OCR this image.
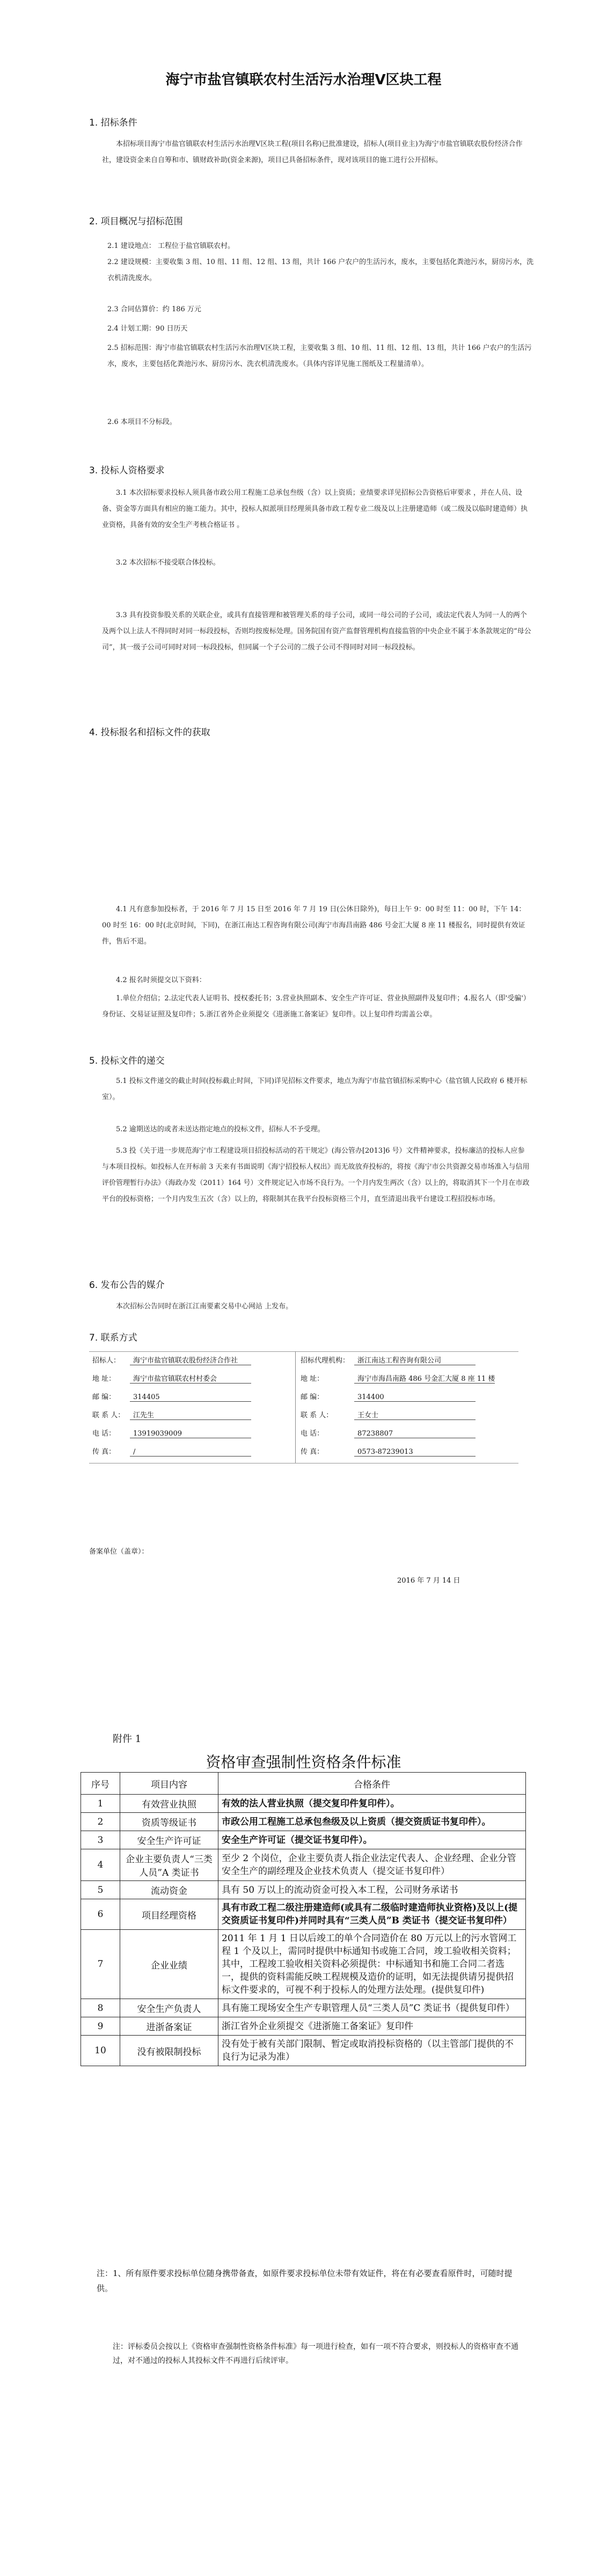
海宁市盐官镇联农村生活污水治理Ⅴ区块工程
1. 招标条件
本招标项目海宁市盐官镇联农村生活污水治理Ⅴ区块工程(项目名称)已批准建设，招标人(项目业主)为海宁市盐官镇联农股份经济合作社，建设资金来自自筹和市、镇财政补助(资金来源)，项目已具备招标条件，现对该项目的施工进行公开招标。
2. 项目概况与招标范围
2.1 建设地点： 工程位于盐官镇联农村。
2.2 建设规模：主要收集 3 组、10 组、11 组、12 组、13 组，共计 166 户农户的生活污水，废水，主要包括化粪池污水，厨房污水，洗衣机清洗废水。
2.3 合同估算价：约 186 万元
2.4 计划工期：90 日历天
2.5 招标范围：海宁市盐官镇联农村生活污水治理Ⅴ区块工程，主要收集 3 组、10 组、11 组、12 组、13 组，共计 166 户农户的生活污水，废水，主要包括化粪池污水、厨房污水、洗衣机清洗废水。（具体内容详见施工图纸及工程量清单）。
2.6 本项目不分标段。
3. 投标人资格要求
3.1 本次招标要求投标人须具备市政公用工程施工总承包叁级（含）以上资质；业绩要求详见招标公告资格后审要求 ，并在人员、设备、资金等方面具有相应的施工能力。其中，投标人拟派项目经理须具备市政工程专业二级及以上注册建造师（或二级及以临时建造师）执业资格，具备有效的安全生产考核合格证书 。
3.2 本次招标不接受联合体投标。
3.3 具有投资参股关系的关联企业，或具有直接管理和被管理关系的母子公司，或同一母公司的子公司，或法定代表人为同一人的两个及两个以上法人不得同时对同一标段投标，否则均按废标处理。国务院国有资产监督管理机构直接监管的中央企业不属于本条款规定的“母公司”，其一级子公司可同时对同一标段投标，但同属一个子公司的二级子公司不得同时对同一标段投标。
4. 投标报名和招标文件的获取
4.1 凡有意参加投标者，于 2016 年 7 月 15 日至 2016 年 7 月 19 日(公休日除外)，每日上午 9：00 时至 11：00 时，下午 14：00 时至 16：00 时(北京时间，下同)，在浙江南达工程咨询有限公司(海宁市海昌南路 486 号金汇大厦 8 座 11 楼报名，同时提供有效证件，售后不退。
4.2 报名时须提交以下资料：
1.单位介绍信；2.法定代表人证明书、授权委托书；3.营业执照副本、安全生产许可证、营业执照副件及复印件；4.报名人（即'受骗'）身份证、交易证证照及复印件；5.浙江省外企业须提交《进浙施工备案证》复印件。以上复印件均需盖公章。
5. 投标文件的递交
5.1 投标文件递交的截止时间(投标截止时间，下同)详见招标文件要求，地点为海宁市盐官镇招标采购中心（盐官镇人民政府 6 楼开标室）。
5.2 逾期送达的或者未送达指定地点的投标文件，招标人不予受理。
5.3 投《关于进一步规范海宁市工程建设项目招投标活动的若干规定》(海公管办[2013]6 号）文件精神要求，投标廉洁的投标人应参与本项目投标。如投标人在开标前 3 天来有书面说明《海宁招投标人权出》而无故放弃投标的，将按《海宁市公共资源交易市场准入与信用评价管理暂行办法》（海政办发（2011）164 号）文件规定记入市场不良行为。一个月内发生两次（含）以上的，将取消其下一个月在市政平台的投标资格；一个月内发生五次（含）以上的，将限制其在我平台投标资格三个月，直至清退出我平台建设工程招投标市场。
6. 发布公告的媒介
本次招标公告同时在浙江江南要素交易中心网站 上发布。
7. 联系方式
招标人： 海宁市盐官镇联农股份经济合作社
地 址：	海宁市盐官镇联农村村委会
邮 编：	314405
联 系 人： 江先生
电 话：	13919039009
传 真：	/
招标代理机构： 浙江南达工程咨询有限公司
地 址：	海宁市海昌南路 486 号金汇大厦 8 座 11 楼
邮 编：	314400
联 系 人：	王女士
电 话：	87238807
传 真：	0573-87239013
备案单位（盖章）：
2016 年 7 月 14 日
附件 1
资格审查强制性资格条件标准
序号	项目内容	合格条件
1	有效营业执照	有效的法人营业执照（提交复印件复印件）。
2	资质等级证书	市政公用工程施工总承包叁级及以上资质（提交资质证书复印件）。
3	安全生产许可证	安全生产许可证（提交证书复印件）。
4	企业主要负责人“三类人员”A 类证书	至少 2 个岗位，企业主要负责人指企业法定代表人、企业经理、企业分管安全生产的副经理及企业技术负责人（提交证书复印件）
5	流动资金	具有 50 万以上的流动资金可投入本工程，公司财务承诺书
6	项目经理资格	具有市政工程二级注册建造师(或具有二级临时建造师执业资格)及以上(提交资质证书复印件)并同时具有“三类人员”B 类证书（提交证书复印件）
7	企业业绩	2011 年 1 月 1 日以后竣工的单个合同造价在 80 万元以上的污水管网工程 1 个及以上，需同时提供中标通知书或施工合同，竣工验收相关资料；其中，工程竣工验收相关资料必须提供：中标通知书和施工合同二者选一，提供的资料需能反映工程规模及造价的证明，如无法提供请另提供招标文件要求的，可视不利于投标人的处理方法处理。(提供复印件)
8	安全生产负责人	具有施工现场安全生产专职管理人员“三类人员”C 类证书（提供复印件）
9	进浙备案证	浙江省外企业须提交《进浙施工备案证》复印件
10	没有被限制投标	没有处于被有关部门限制、暂定或取消投标资格的（以主管部门提供的不良行为记录为准）
注：1、所有原件要求投标单位随身携带备查，如原件要求投标单位未带有效证件，将在有必要查看原件时，可随时提供。
注：评标委员会按以上《资格审查强制性资格条件标准》每一项进行检查，如有一项不符合要求，则投标人的资格审查不通过，对不通过的投标人其投标文件不再进行后续评审。
